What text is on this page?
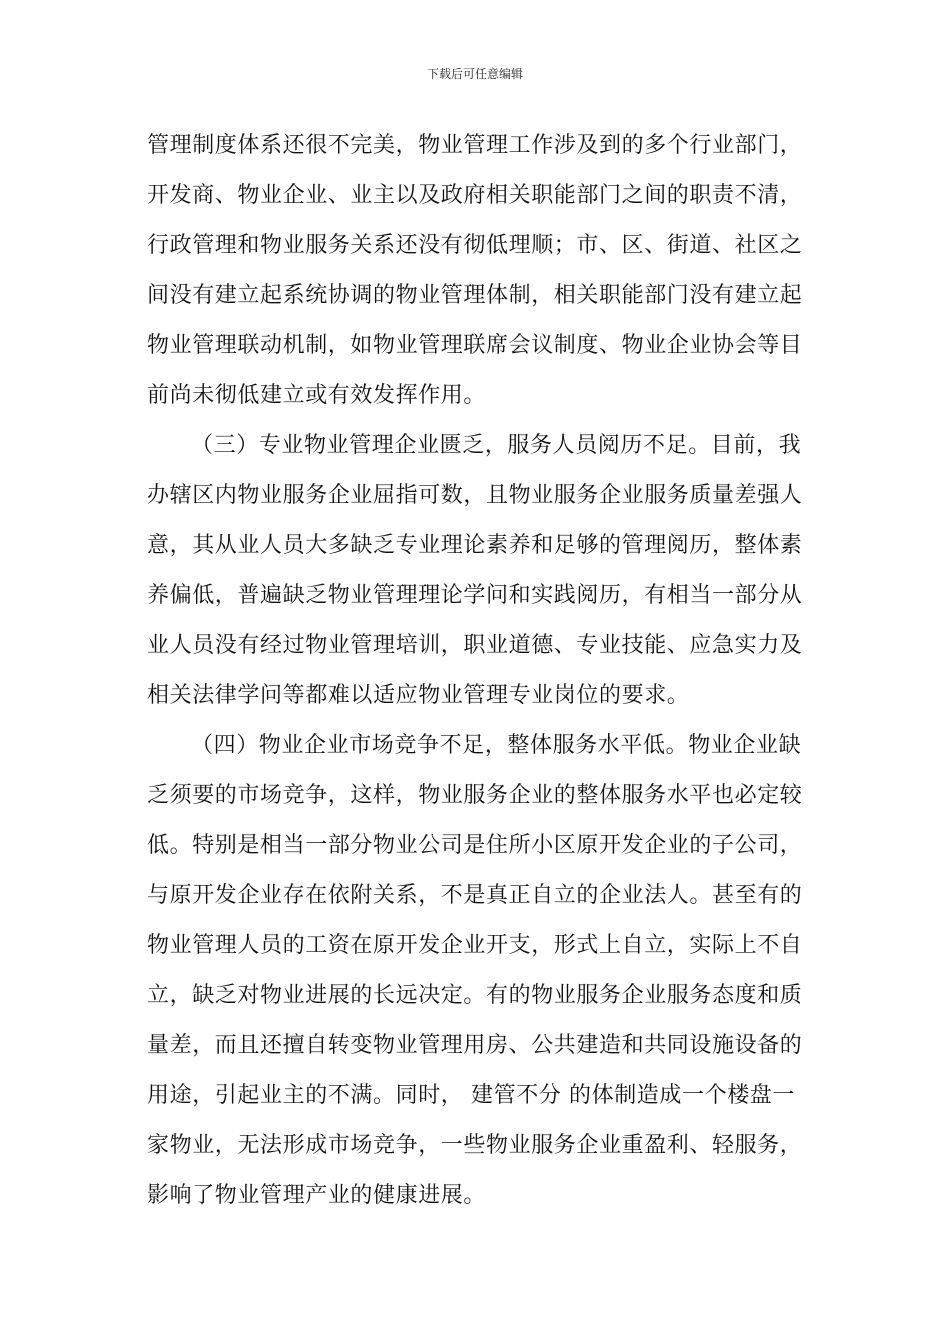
下载后可任意编辑
管理制度体系还很不完美，物业管理工作涉及到的多个行业部门，
开发商、物业企业、业主以及政府相关职能部门之间的职责不清，
行政管理和物业服务关系还没有彻低理顺；市、区、街道、社区之
间没有建立起系统协调的物业管理体制，相关职能部门没有建立起
物业管理联动机制，如物业管理联席会议制度、物业企业协会等目
前尚未彻低建立或有效发挥作用。
（三）专业物业管理企业匮乏，服务人员阅历不足。目前，我
办辖区内物业服务企业屈指可数，且物业服务企业服务质量差强人
意，其从业人员大多缺乏专业理论素养和足够的管理阅历，整体素
养偏低，普遍缺乏物业管理理论学问和实践阅历，有相当一部分从
业人员没有经过物业管理培训，职业道德、专业技能、应急实力及
相关法律学问等都难以适应物业管理专业岗位的要求。
（四）物业企业市场竞争不足，整体服务水平低。物业企业缺
乏须要的市场竞争，这样，物业服务企业的整体服务水平也必定较
低。特别是相当一部分物业公司是住所小区原开发企业的子公司，
与原开发企业存在依附关系，不是真正自立的企业法人。甚至有的
物业管理人员的工资在原开发企业开支，形式上自立，实际上不自
立，缺乏对物业进展的长远决定。有的物业服务企业服务态度和质
量差，而且还擅自转变物业管理用房、公共建造和共同设施设备的
用途，引起业主的不满。同时， 建管不分 的体制造成一个楼盘一
家物业，无法形成市场竞争，一些物业服务企业重盈利、轻服务，
影响了物业管理产业的健康进展。
